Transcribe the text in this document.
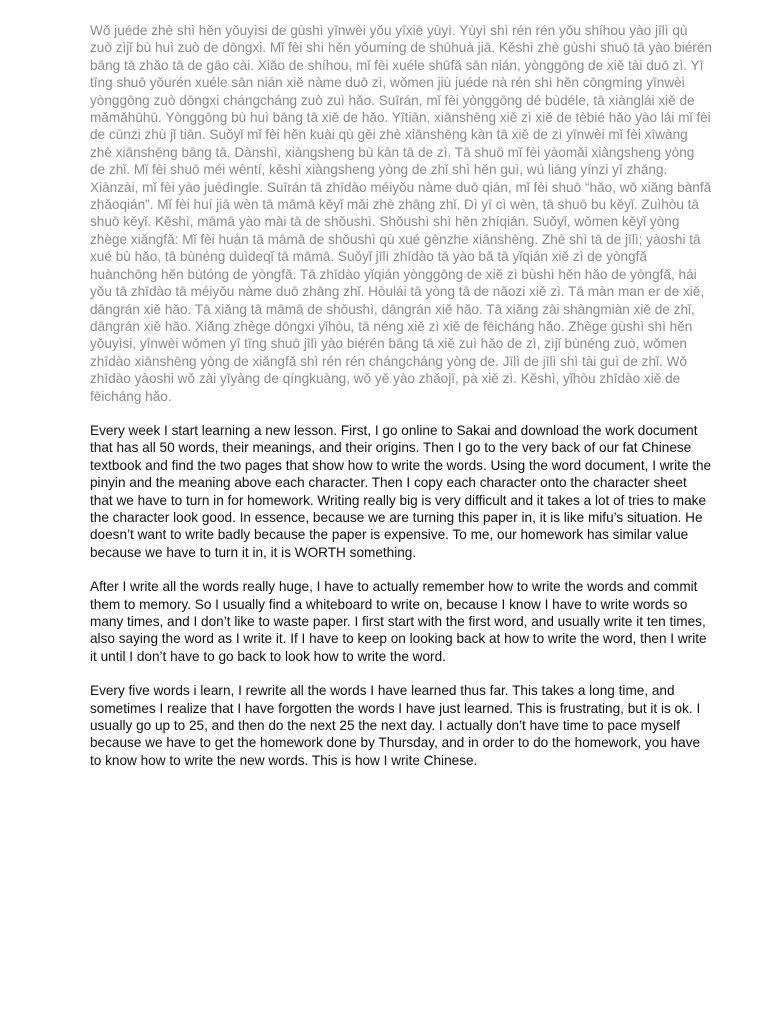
Wǒ juéde zhè shì hěn yǒuyìsi de gùshì yīnwèi yǒu yīxiē yùyì. Yùyì shì rén rén yǒu shíhou yào jīlì qù zuò zìjǐ bù huì zuò de dōngxi. Mǐ fèi shì hěn yǒumíng de shūhuà jiā. Kěshì zhè gùshì shuō tā yào biérén bāng tā zhǎo tā de gāo cài. Xiǎo de shíhou, mǐ fèi xuéle shūfǎ sān nián, yònggōng de xiě tài duō zì. Yī tīng shuō yǒurén xuéle sān nián xiě nàme duō zì, wǒmen jiù juéde nà rén shì hěn cōngmíng yīnwèi yònggōng zuò dōngxi chángcháng zuò zuì hǎo. Suīrán, mǐ fèi yònggōng dé bùdéle, tā xiànglái xiě de mǎmǎhūhū. Yònggōng bù huì bāng tā xiě de hǎo. Yītiān, xiānshēng xiě zì xiě de tèbié hǎo yào lái mǐ fèi de cūnzi zhù jǐ tiān. Suǒyǐ mǐ fèi hěn kuài qù gěi zhè xiānshēng kàn tā xiě de zì yīnwèi mǐ fèi xīwàng zhè xiānshēng bāng tā. Dànshì, xiàngsheng bù kàn tā de zì. Tā shuō mǐ fèi yàomǎi xiàngsheng yòng de zhǐ. Mǐ fèi shuō méi wèntí, kěshì xiàngsheng yòng de zhǐ shì hěn guì, wú liáng yínzi yī zhāng. Xiànzài, mǐ fèi yào juédìngle. Suīrán tā zhīdào méiyǒu nàme duō qián, mǐ fèi shuō “hǎo, wǒ xiǎng bànfǎ zhǎoqián”. Mǐ fèi huí jiā wèn tā māmā kěyǐ mǎi zhè zhāng zhǐ. Dì yī cì wèn, tā shuō bu kěyǐ. Zuìhòu tā shuō kěyǐ. Kěshì, māmā yào mài tā de shǒushì. Shǒushì shì hěn zhíqián. Suǒyǐ, wǒmen kěyǐ yòng zhège xiǎngfǎ: Mǐ fèi huàn tā māmā de shǒushì qù xué gēnzhe xiānshēng. Zhè shì tā de jīlì; yàoshi tā xué bù hǎo, tā bùnéng duìdeqǐ tā māmā. Suǒyǐ jīlì zhīdào tā yào bǎ tā yǐqián xiě zì de yòngfǎ huànchōng hěn bùtóng de yòngfǎ. Tā zhīdào yǐqián yònggōng de xiě zì bùshì hěn hǎo de yòngfǎ, hái yǒu tā zhīdào tā méiyǒu nàme duō zhāng zhǐ. Hòulái tā yòng tā de nǎozi xiě zì. Tā màn man er de xiě, dāngrán xiě hǎo. Tā xiǎng tā māmā de shǒushì, dāngrán xiě hǎo. Tā xiǎng zài shàngmiàn xiě de zhǐ, dāngrán xiě hǎo. Xiǎng zhège dōngxi yǐhòu, tā néng xiě zì xiě de fēicháng hǎo. Zhège gùshì shì hěn yǒuyìsi, yīnwèi wǒmen yī tīng shuō jīlì yào biérén bāng tā xiě zuì hǎo de zì, zìjǐ bùnéng zuò, wǒmen zhīdào xiānshēng yòng de xiǎngfǎ shì rén rén chángcháng yòng de. Jīlì de jīlì shì tài guì de zhǐ. Wǒ zhīdào yàoshi wǒ zài yīyàng de qíngkuàng, wǒ yě yào zhǎojī, pà xiě zì. Kěshì, yǐhòu zhīdào xiě de fēicháng hǎo.

Every week I start learning a new lesson. First, I go online to Sakai and download the work document that has all 50 words, their meanings, and their origins. Then I go to the very back of our fat Chinese textbook and find the two pages that show how to write the words. Using the word document, I write the pinyin and the meaning above each character. Then I copy each character onto the character sheet that we have to turn in for homework. Writing really big is very difficult and it takes a lot of tries to make the character look good. In essence, because we are turning this paper in, it is like mifu’s situation. He doesn’t want to write badly because the paper is expensive. To me, our homework has similar value because we have to turn it in, it is WORTH something.

After I write all the words really huge, I have to actually remember how to write the words and commit them to memory. So I usually find a whiteboard to write on, because I know I have to write words so many times, and I don’t like to waste paper. I first start with the first word, and usually write it ten times, also saying the word as I write it. If I have to keep on looking back at how to write the word, then I write it until I don’t have to go back to look how to write the word.

Every five words i learn, I rewrite all the words I have learned thus far. This takes a long time, and sometimes I realize that I have forgotten the words I have just learned. This is frustrating, but it is ok. I usually go up to 25, and then do the next 25 the next day. I actually don’t have time to pace myself because we have to get the homework done by Thursday, and in order to do the homework, you have to know how to write the new words. This is how I write Chinese.
